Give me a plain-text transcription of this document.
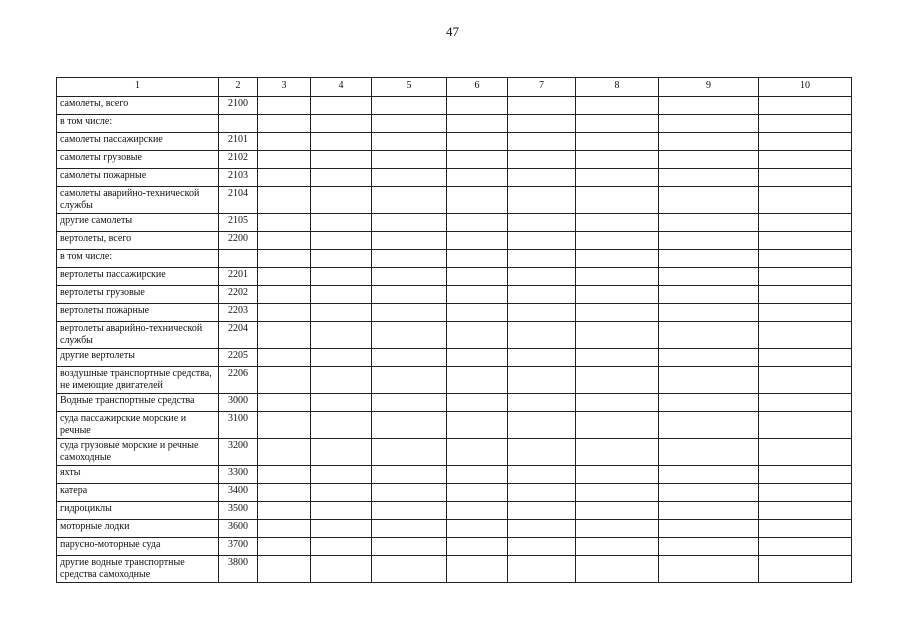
47
1	2	3	4	5	6	7	8	9	10
самолеты, всего	2100								
в том числе:									
самолеты пассажирские	2101								
самолеты грузовые	2102								
самолеты пожарные	2103								
самолеты аварийно-технической службы	2104								
другие самолеты	2105								
вертолеты, всего	2200								
в том числе:									
вертолеты пассажирские	2201								
вертолеты грузовые	2202								
вертолеты пожарные	2203								
вертолеты аварийно-технической службы	2204								
другие вертолеты	2205								
воздушные транспортные средства, не имеющие двигателей	2206								
Водные транспортные средства	3000								
суда пассажирские морские и речные	3100								
суда грузовые морские и речные самоходные	3200								
яхты	3300								
катера	3400								
гидроциклы	3500								
моторные лодки	3600								
парусно-моторные суда	3700								
другие водные транспортные средства самоходные	3800								
